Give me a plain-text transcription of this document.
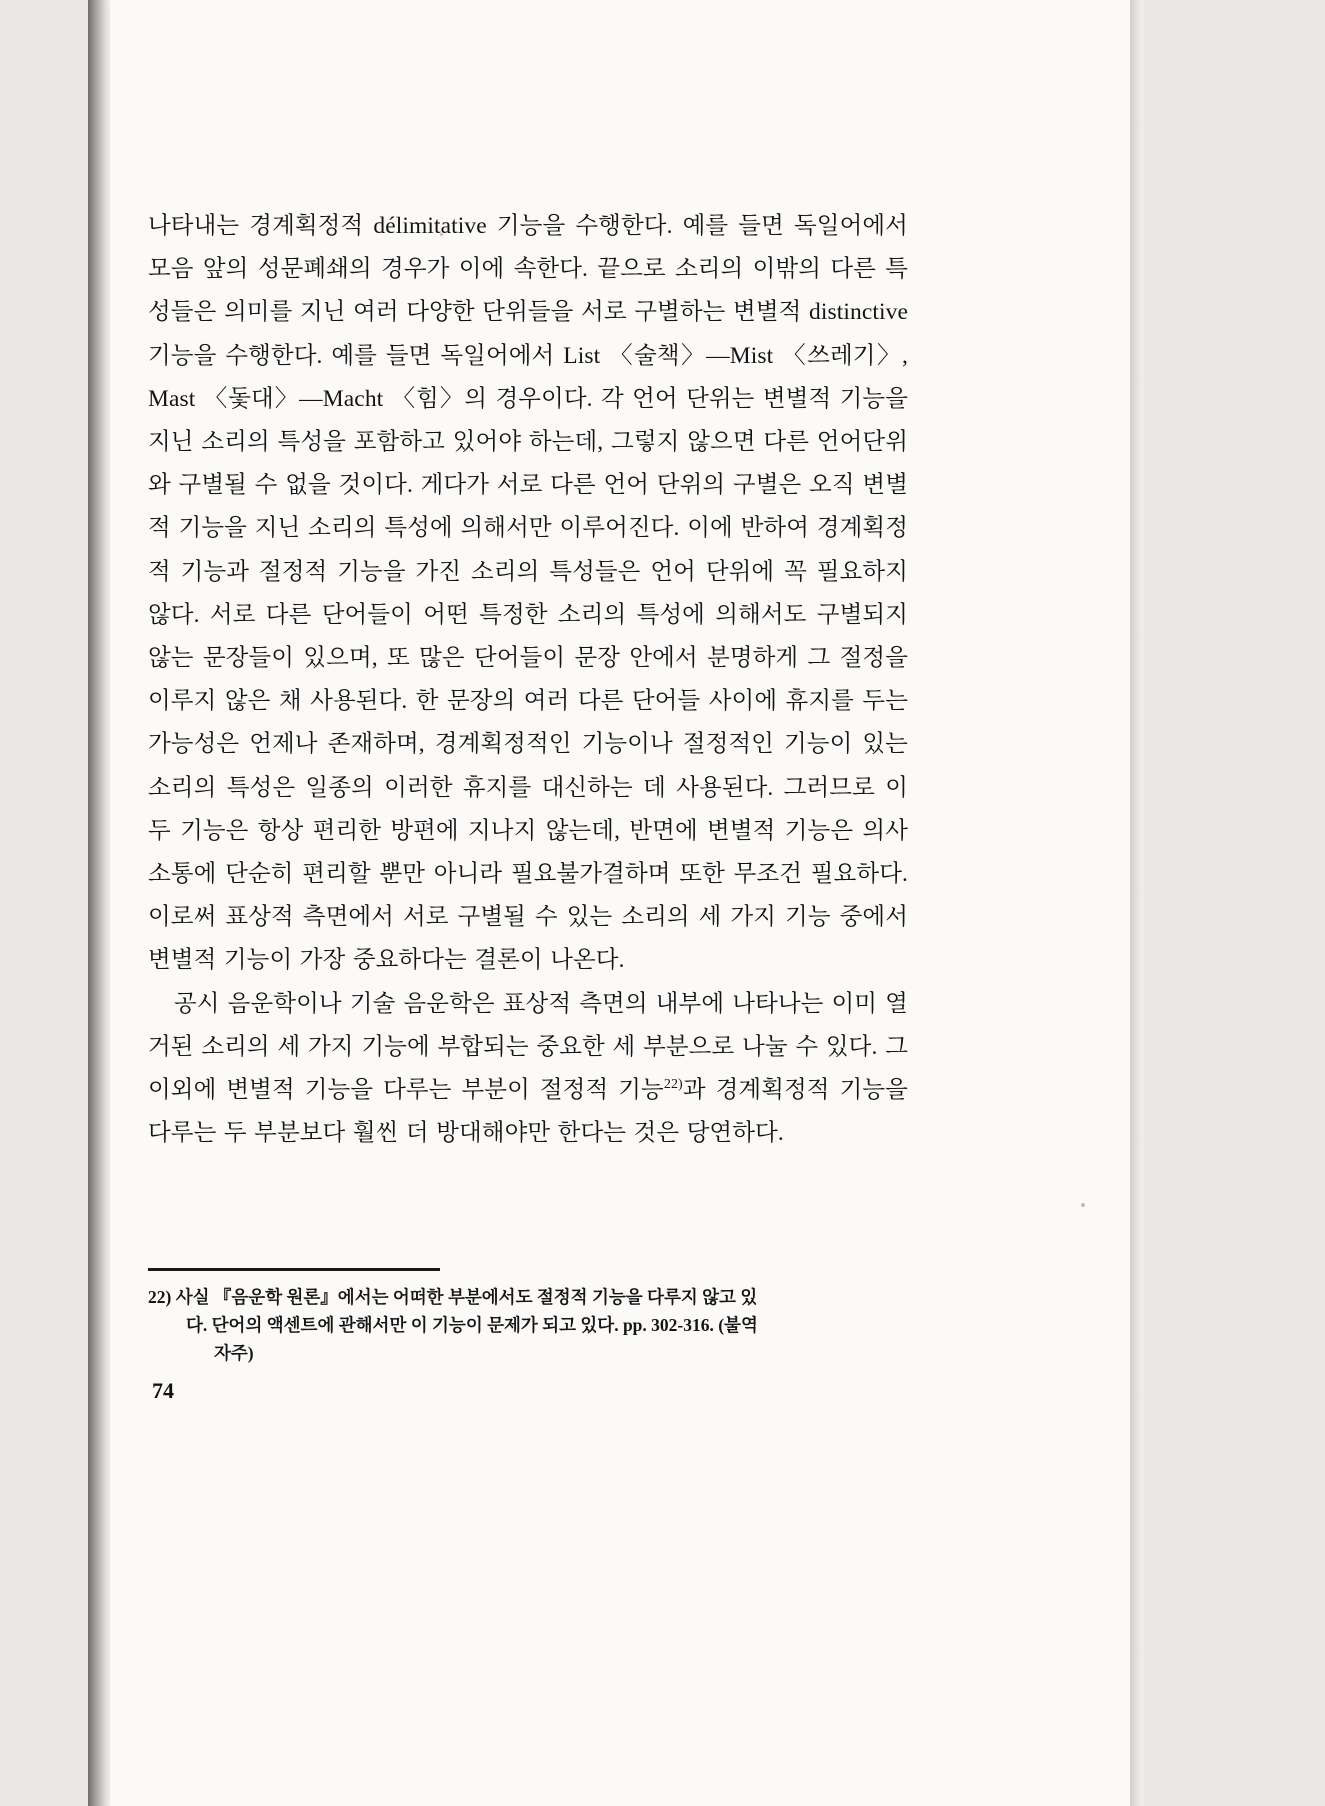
나타내는 경계획정적 délimitative 기능을 수행한다. 예를 들면 독일어에서 모음 앞의 성문폐쇄의 경우가 이에 속한다. 끝으로 소리의 이밖의 다른 특성들은 의미를 지닌 여러 다양한 단위들을 서로 구별하는 변별적 distinctive 기능을 수행한다. 예를 들면 독일어에서 List 〈술책〉—Mist 〈쓰레기〉, Mast 〈돛대〉—Macht 〈힘〉의 경우이다. 각 언어 단위는 변별적 기능을 지닌 소리의 특성을 포함하고 있어야 하는데, 그렇지 않으면 다른 언어단위와 구별될 수 없을 것이다. 게다가 서로 다른 언어 단위의 구별은 오직 변별적 기능을 지닌 소리의 특성에 의해서만 이루어진다. 이에 반하여 경계획정적 기능과 절정적 기능을 가진 소리의 특성들은 언어 단위에 꼭 필요하지 않다. 서로 다른 단어들이 어떤 특정한 소리의 특성에 의해서도 구별되지 않는 문장들이 있으며, 또 많은 단어들이 문장 안에서 분명하게 그 절정을 이루지 않은 채 사용된다. 한 문장의 여러 다른 단어들 사이에 휴지를 두는 가능성은 언제나 존재하며, 경계획정적인 기능이나 절정적인 기능이 있는 소리의 특성은 일종의 이러한 휴지를 대신하는 데 사용된다. 그러므로 이 두 기능은 항상 편리한 방편에 지나지 않는데, 반면에 변별적 기능은 의사소통에 단순히 편리할 뿐만 아니라 필요불가결하며 또한 무조건 필요하다. 이로써 표상적 측면에서 서로 구별될 수 있는 소리의 세 가지 기능 중에서 변별적 기능이 가장 중요하다는 결론이 나온다.

공시 음운학이나 기술 음운학은 표상적 측면의 내부에 나타나는 이미 열거된 소리의 세 가지 기능에 부합되는 중요한 세 부분으로 나눌 수 있다. 그 이외에 변별적 기능을 다루는 부분이 절정적 기능$^{22)}$과 경계획정적 기능을 다루는 두 부분보다 훨씬 더 방대해야만 한다는 것은 당연하다.

22) 사실 『음운학 원론』에서는 어떠한 부분에서도 절정적 기능을 다루지 않고 있
다. 단어의 액센트에 관해서만 이 기능이 문제가 되고 있다. pp. 302-316. (불역
자주)
74
